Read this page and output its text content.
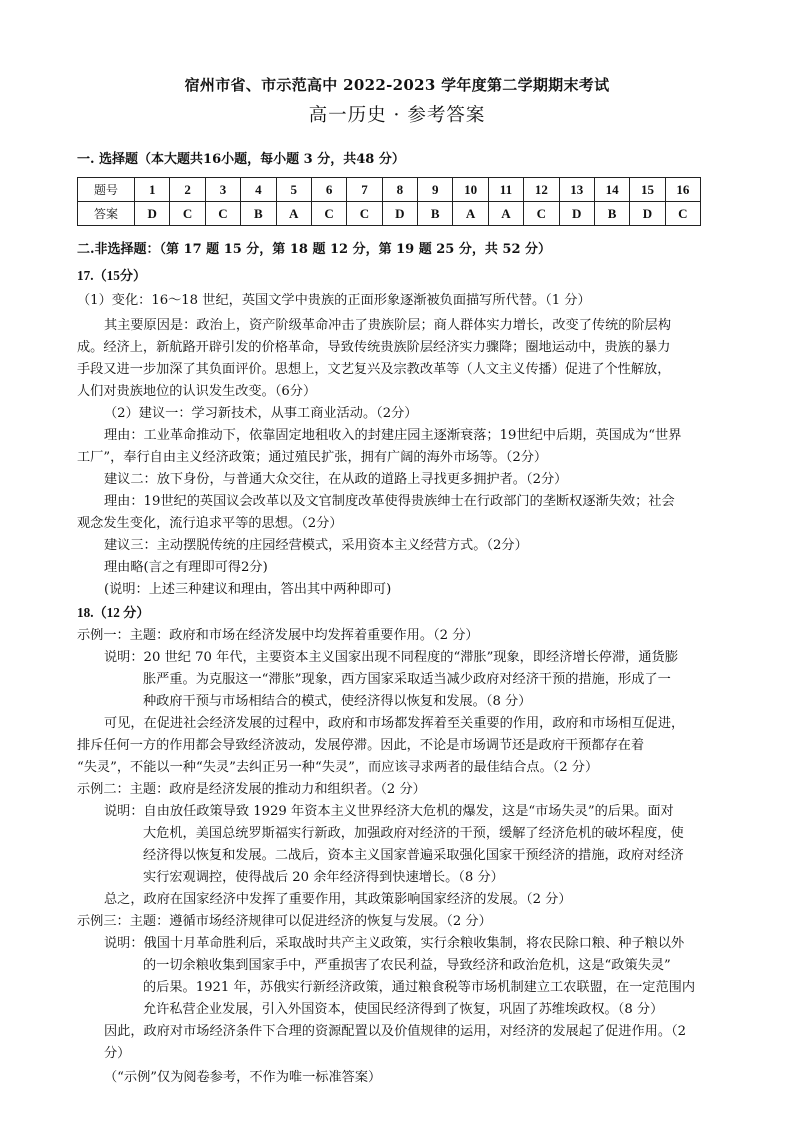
宿州市省、市示范高中 2022-2023 学年度第二学期期末考试
高一历史 · 参考答案
一. 选择题（本大题共16小题，每小题 3 分，共48 分）
题号	1	2	3	4	5	6	7	8	9	10	11	12	13	14	15	16
答案	D	C	C	B	A	C	C	D	B	A	A	C	D	B	D	C
二.非选择题：（第 17 题 15 分，第 18 题 12 分，第 19 题 25 分，共 52 分）
17.（15分）
（1）变化：16～18 世纪，英国文学中贵族的正面形象逐渐被负面描写所代替。（1 分）
其主要原因是：政治上，资产阶级革命冲击了贵族阶层；商人群体实力增长，改变了传统的阶层构
成。经济上，新航路开辟引发的价格革命，导致传统贵族阶层经济实力骤降；圈地运动中，贵族的暴力
手段又进一步加深了其负面评价。思想上，文艺复兴及宗教改革等（人文主义传播）促进了个性解放，
人们对贵族地位的认识发生改变。（6分）
（2）建议一：学习新技术，从事工商业活动。（2分）
理由：工业革命推动下，依靠固定地租收入的封建庄园主逐渐衰落；19世纪中后期，英国成为“世界
工厂”，奉行自由主义经济政策；通过殖民扩张，拥有广阔的海外市场等。（2分）
建议二：放下身份，与普通大众交往，在从政的道路上寻找更多拥护者。（2分）
理由：19世纪的英国议会改革以及文官制度改革使得贵族绅士在行政部门的垄断权逐渐失效；社会
观念发生变化，流行追求平等的思想。（2分）
建议三：主动摆脱传统的庄园经营模式，采用资本主义经营方式。（2分）
理由略(言之有理即可得2分)
(说明：上述三种建议和理由，答出其中两种即可)
18.（12 分）
示例一：主题：政府和市场在经济发展中均发挥着重要作用。（2 分）
说明：20 世纪 70 年代，主要资本主义国家出现不同程度的“滞胀”现象，即经济增长停滞，通货膨
胀严重。为克服这一“滞胀”现象，西方国家采取适当减少政府对经济干预的措施，形成了一
种政府干预与市场相结合的模式，使经济得以恢复和发展。（8 分）
可见，在促进社会经济发展的过程中，政府和市场都发挥着至关重要的作用，政府和市场相互促进，
排斥任何一方的作用都会导致经济波动，发展停滞。因此，不论是市场调节还是政府干预都存在着
“失灵”，不能以一种“失灵”去纠正另一种“失灵”，而应该寻求两者的最佳结合点。（2 分）
示例二：主题：政府是经济发展的推动力和组织者。（2 分）
说明：自由放任政策导致 1929 年资本主义世界经济大危机的爆发，这是“市场失灵”的后果。面对
大危机，美国总统罗斯福实行新政，加强政府对经济的干预，缓解了经济危机的破坏程度，使
经济得以恢复和发展。二战后，资本主义国家普遍采取强化国家干预经济的措施，政府对经济
实行宏观调控，使得战后 20 余年经济得到快速增长。（8 分）
总之，政府在国家经济中发挥了重要作用，其政策影响国家经济的发展。（2 分）
示例三：主题：遵循市场经济规律可以促进经济的恢复与发展。（2 分）
说明：俄国十月革命胜利后，采取战时共产主义政策，实行余粮收集制，将农民除口粮、种子粮以外
的一切余粮收集到国家手中，严重损害了农民利益，导致经济和政治危机，这是“政策失灵”
的后果。1921 年，苏俄实行新经济政策，通过粮食税等市场机制建立工农联盟，在一定范围内
允许私营企业发展，引入外国资本，使国民经济得到了恢复，巩固了苏维埃政权。（8 分）
因此，政府对市场经济条件下合理的资源配置以及价值规律的运用，对经济的发展起了促进作用。（2
分）
（“示例”仅为阅卷参考，不作为唯一标准答案）
